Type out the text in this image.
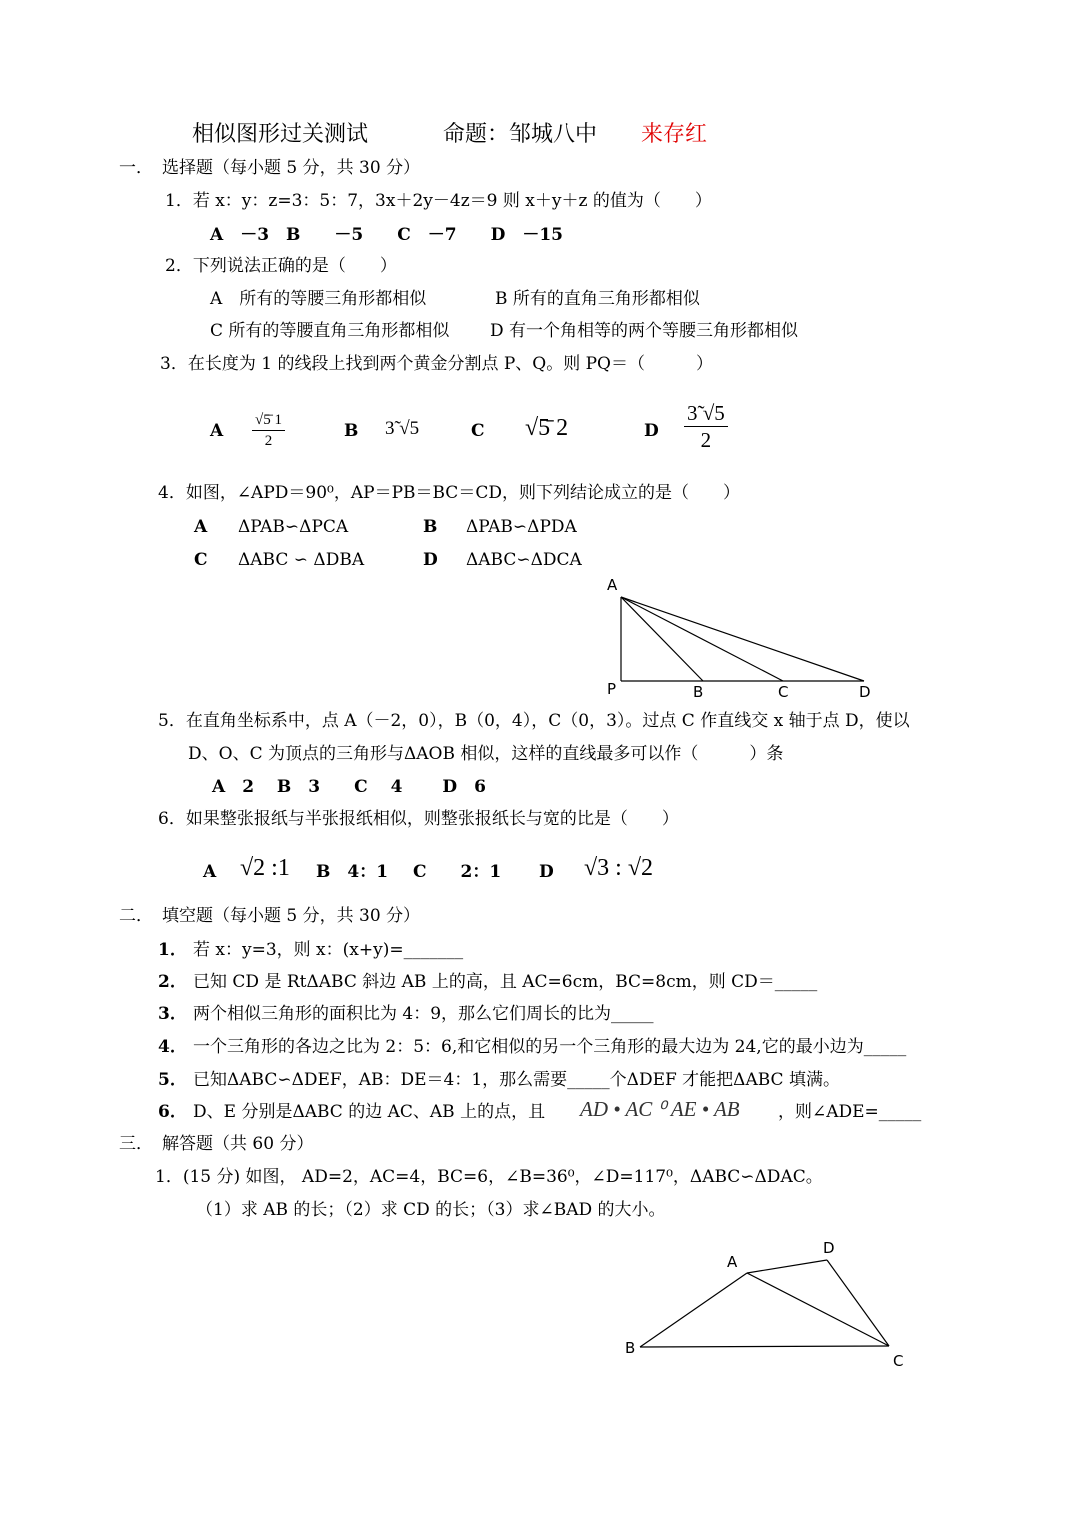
相似图形过关测试	命题：邹城八中 来存红
一． 选择题（每小题 5 分，共 30 分）
1．若 x：y：z=3：5：7，3x＋2y－4z＝9 则 x＋y＋z 的值为（　　）
A　－3　B　　－5　　C　－7　　D　－15
2．下列说法正确的是（　　）
A　所有的等腰三角形都相似	B 所有的直角三角形都相似
C 所有的等腰直角三角形都相似 D 有一个角相等的两个等腰三角形都相似
3．在长度为 1 的线段上找到两个黄金分割点 P、Q。则 PQ＝（　　　）
A $\frac{√5̄ 1}{2}$	B 3̃ √5	C √5̄ 2	D $\frac{3̃ √5}{2}$
4．如图，∠APD＝90⁰，AP＝PB＝BC＝CD，则下列结论成立的是（　　）
A ΔPAB∽ΔPCA	B ΔPAB∽ΔPDA
C ΔABC ∽ ΔDBA	D ΔABC∽ΔDCA
A
P	B	C	D
5．在直角坐标系中，点 A（－2，0），B（0，4），C（0，3）。过点 C 作直线交 x 轴于点 D，使以
D、O、C 为顶点的三角形与ΔAOB 相似，这样的直线最多可以作（　　　）条
A　2　 B　3　　C　 4　　 D　6
6．如果整张报纸与半张报纸相似，则整张报纸长与宽的比是（　　）
A √2 :1 B　4：1 C　　2：1 D √3 : √2
二． 填空题（每小题 5 分，共 30 分）
1． 若 x：y=3，则 x：(x+y)=_______
2． 已知 CD 是 RtΔABC 斜边 AB 上的高，且 AC=6cm，BC=8cm，则 CD＝_____
3． 两个相似三角形的面积比为 4：9，那么它们周长的比为_____
4． 一个三角形的各边之比为 2：5：6,和它相似的另一个三角形的最大边为 24,它的最小边为_____
5． 已知ΔABC∽ΔDEF，AB：DE＝4：1，那么需要_____个ΔDEF 才能把ΔABC 填满。
6． D、E 分别是ΔABC 的边 AC、AB 上的点，且 AD • AC ⁰ AE • AB ，则∠ADE=_____
三． 解答题（共 60 分）
1．(15 分) 如图， AD=2，AC=4，BC=6，∠B=36⁰，∠D=117⁰，ΔABC∽ΔDAC。
（1）求 AB 的长；（2）求 CD 的长；（3）求∠BAD 的大小。
A
B
C
D
